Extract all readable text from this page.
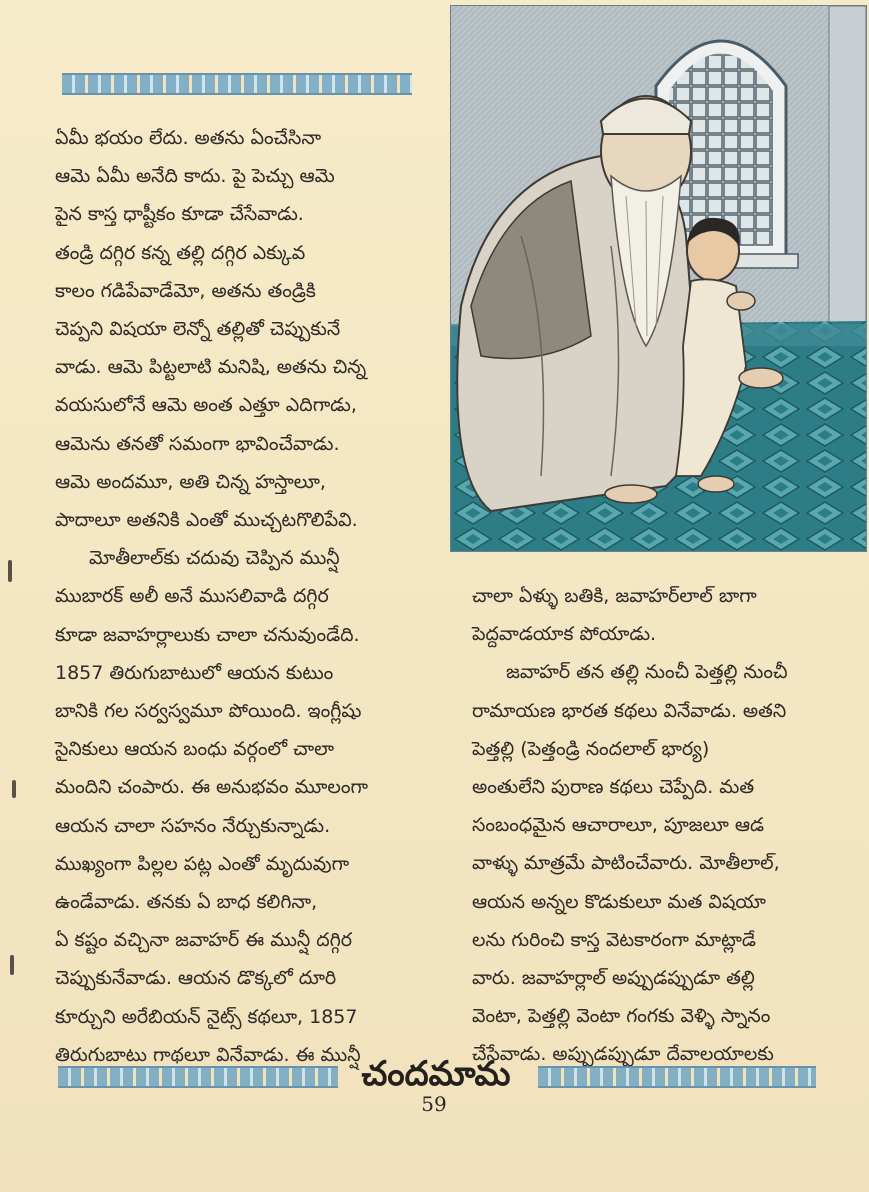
ఏమీ భయం లేదు. అతను ఏంచేసినా

ఆమె ఏమీ అనేది కాదు. పై పెచ్చు ఆమె

పైన కాస్త ధాష్టీకం కూడా చేసేవాడు.

తండ్రి దగ్గిర కన్న తల్లి దగ్గిర ఎక్కువ

కాలం గడిపేవాడేమో, అతను తండ్రికి

చెప్పని విషయా లెన్నో తల్లితో చెప్పుకునే

వాడు. ఆమె పిట్టలాటి మనిషి, అతను చిన్న

వయసులోనే ఆమె అంత ఎత్తూ ఎదిగాడు,

ఆమెను తనతో సమంగా భావించేవాడు.

ఆమె అందమూ, అతి చిన్న హస్తాలూ,

పాదాలూ అతనికి ఎంతో ముచ్చటగొలిపేవి.

మోతీలాల్‌కు చదువు చెప్పిన మున్షీ

ముబారక్ అలీ అనే ముసలివాడి దగ్గిర

కూడా జవాహర్లాలుకు చాలా చనువుండేది.

1857 తిరుగుబాటులో ఆయన కుటుం

బానికి గల సర్వస్వమూ పోయింది. ఇంగ్లీషు

సైనికులు ఆయన బంధు వర్గంలో చాలా

మందిని చంపారు. ఈ అనుభవం మూలంగా

ఆయన చాలా సహనం నేర్చుకున్నాడు.

ముఖ్యంగా పిల్లల పట్ల ఎంతో మృదువుగా

ఉండేవాడు. తనకు ఏ బాధ కలిగినా,

ఏ కష్టం వచ్చినా జవాహర్ ఈ మున్షీ దగ్గిర

చెప్పుకునేవాడు. ఆయన డొక్కలో దూరి

కూర్చుని అరేబియన్ నైట్స్ కథలూ, 1857

తిరుగుబాటు గాథలూ వినేవాడు. ఈ మున్షీ

చాలా ఏళ్ళు బతికి, జవాహర్‌లాల్ బాగా

పెద్దవాడయాక పోయాడు.

జవాహర్ తన తల్లి నుంచీ పెత్తల్లి నుంచీ

రామాయణ భారత కథలు వినేవాడు. అతని

పెత్తల్లి (పెత్తండ్రి నందలాల్ భార్య)

అంతులేని పురాణ కథలు చెప్పేది. మత

సంబంధమైన ఆచారాలూ, పూజలూ ఆడ

వాళ్ళు మాత్రమే పాటించేవారు. మోతీలాల్,

ఆయన అన్నల కొడుకులూ మత విషయా

లను గురించి కాస్త వెటకారంగా మాట్లాడే

వారు. జవాహర్లాల్ అప్పుడప్పుడూ తల్లి

వెంటా, పెత్తల్లి వెంటా గంగకు వెళ్ళి స్నానం

చేసేవాడు. అప్పుడప్పుడూ దేవాలయాలకు

చందమామ
59
